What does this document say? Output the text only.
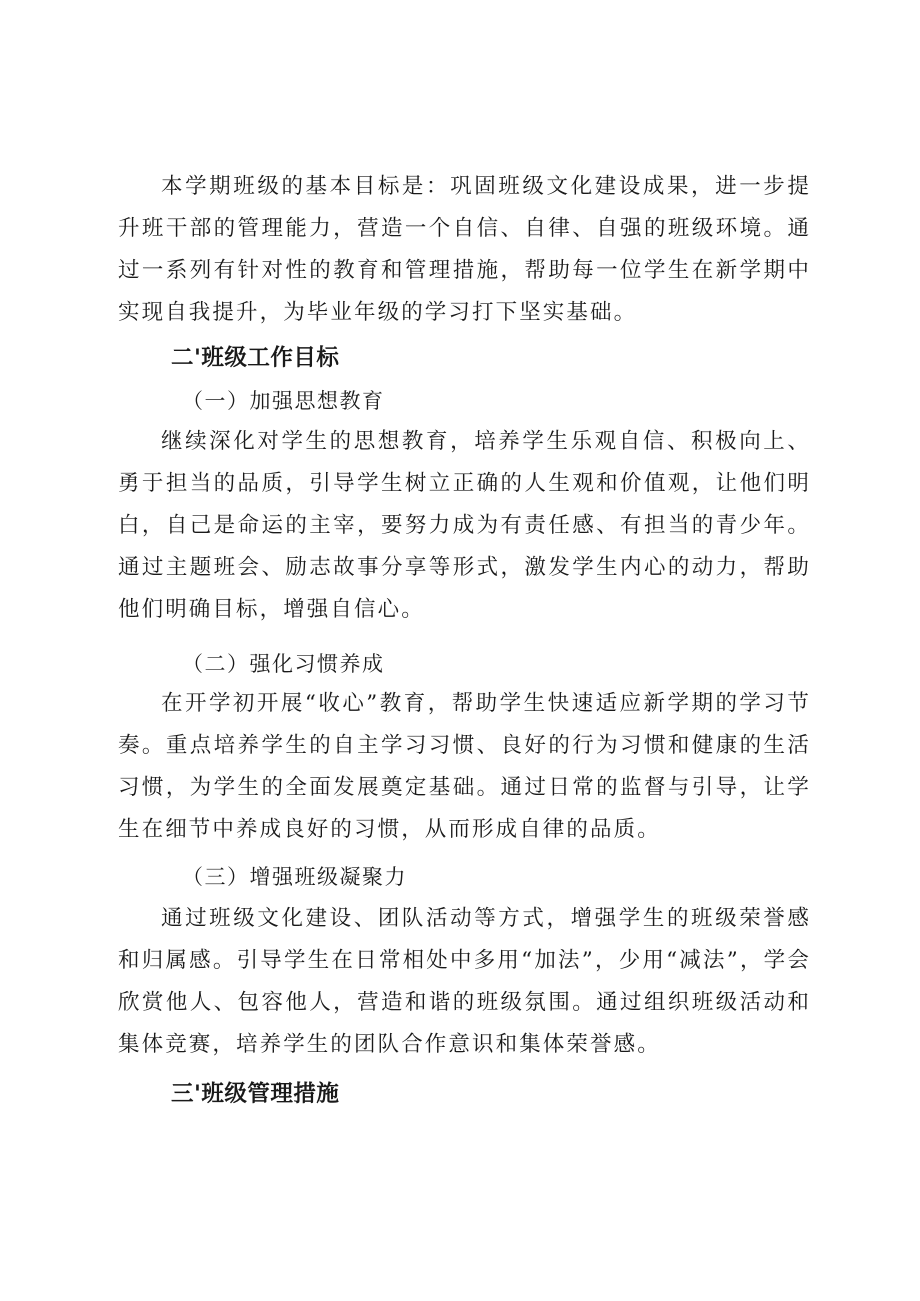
本学期班级的基本目标是：巩固班级文化建设成果，进一步提升班干部的管理能力，营造一个自信、自律、自强的班级环境。通过一系列有针对性的教育和管理措施，帮助每一位学生在新学期中实现自我提升，为毕业年级的学习打下坚实基础。

二'班级工作目标
（一）加强思想教育

继续深化对学生的思想教育，培养学生乐观自信、积极向上、勇于担当的品质，引导学生树立正确的人生观和价值观，让他们明白，自己是命运的主宰，要努力成为有责任感、有担当的青少年。通过主题班会、励志故事分享等形式，激发学生内心的动力，帮助他们明确目标，增强自信心。

（二）强化习惯养成

在开学初开展“收心”教育，帮助学生快速适应新学期的学习节奏。重点培养学生的自主学习习惯、良好的行为习惯和健康的生活习惯，为学生的全面发展奠定基础。通过日常的监督与引导，让学生在细节中养成良好的习惯，从而形成自律的品质。

（三）增强班级凝聚力

通过班级文化建设、团队活动等方式，增强学生的班级荣誉感和归属感。引导学生在日常相处中多用“加法”，少用“减法”，学会欣赏他人、包容他人，营造和谐的班级氛围。通过组织班级活动和集体竞赛，培养学生的团队合作意识和集体荣誉感。

三'班级管理措施
